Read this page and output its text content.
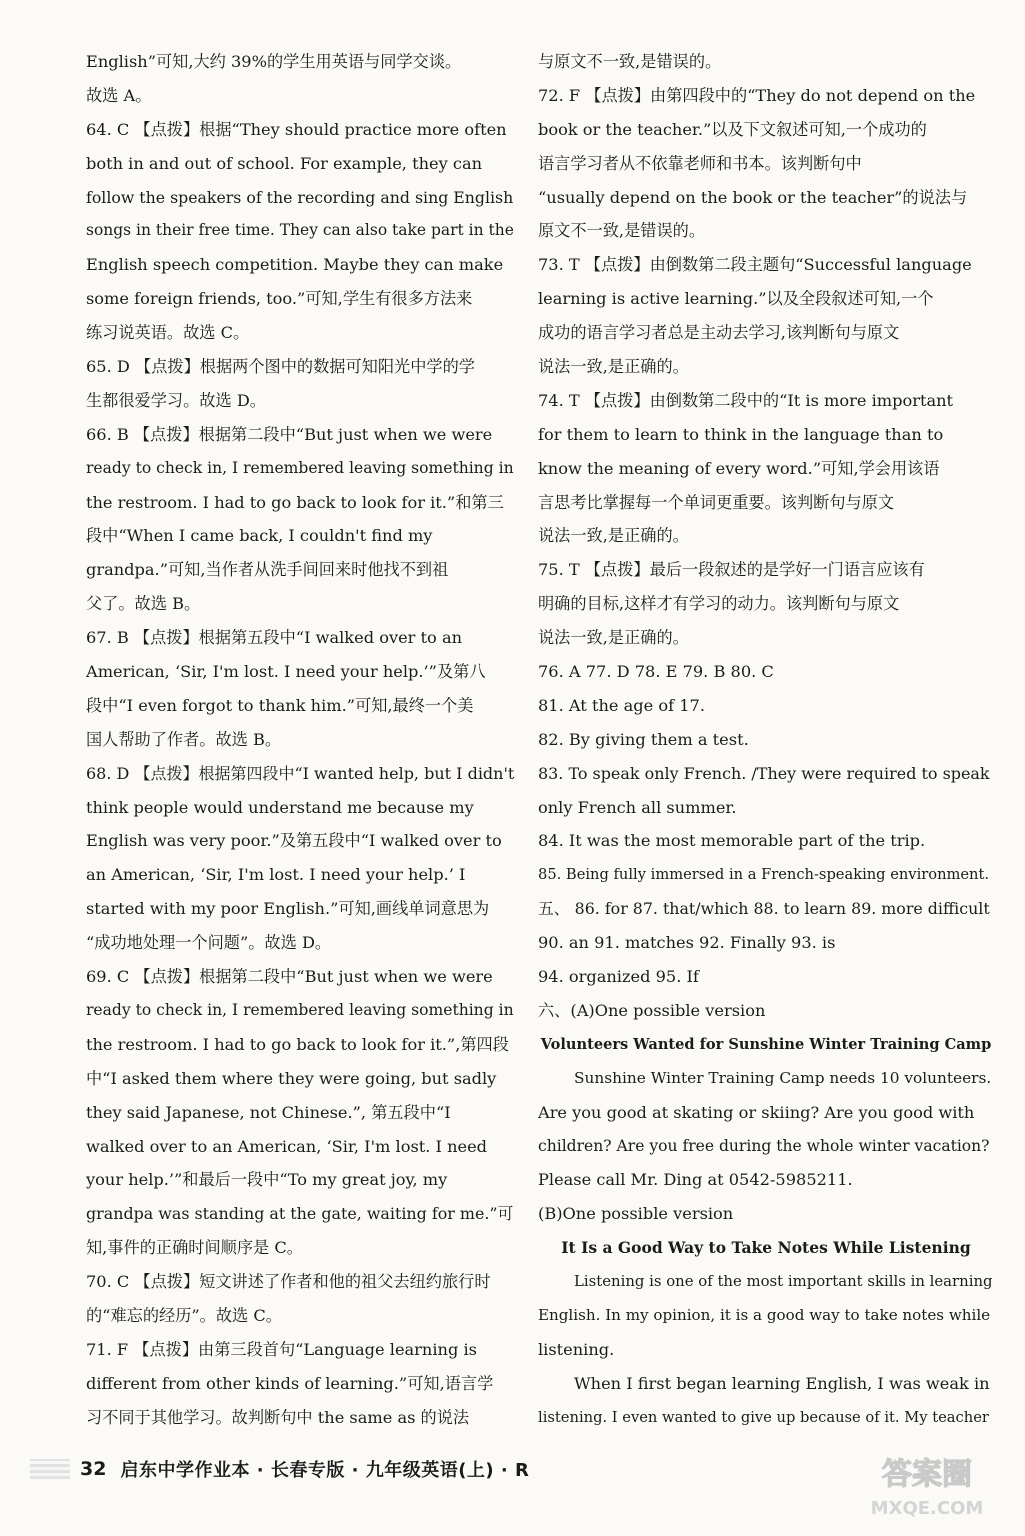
English”可知,大约 39%的学生用英语与同学交谈。
故选 A。
64. C 【点拨】根据“They should practice more often
both in and out of school. For example, they can
follow the speakers of the recording and sing English
songs in their free time. They can also take part in the
English speech competition. Maybe they can make
some foreign friends, too.”可知,学生有很多方法来
练习说英语。故选 C。
65. D 【点拨】根据两个图中的数据可知阳光中学的学
生都很爱学习。故选 D。
66. B 【点拨】根据第二段中“But just when we were
ready to check in, I remembered leaving something in
the restroom. I had to go back to look for it.”和第三
段中“When I came back, I couldn't find my
grandpa.”可知,当作者从洗手间回来时他找不到祖
父了。故选 B。
67. B 【点拨】根据第五段中“I walked over to an
American, ‘Sir, I'm lost. I need your help.’”及第八
段中“I even forgot to thank him.”可知,最终一个美
国人帮助了作者。故选 B。
68. D 【点拨】根据第四段中“I wanted help, but I didn't
think people would understand me because my
English was very poor.”及第五段中“I walked over to
an American, ‘Sir, I'm lost. I need your help.’ I
started with my poor English.”可知,画线单词意思为
“成功地处理一个问题”。故选 D。
69. C 【点拨】根据第二段中“But just when we were
ready to check in, I remembered leaving something in
the restroom. I had to go back to look for it.”,第四段
中“I asked them where they were going, but sadly
they said Japanese, not Chinese.”, 第五段中“I
walked over to an American, ‘Sir, I'm lost. I need
your help.’”和最后一段中“To my great joy, my
grandpa was standing at the gate, waiting for me.”可
知,事件的正确时间顺序是 C。
70. C 【点拨】短文讲述了作者和他的祖父去纽约旅行时
的“难忘的经历”。故选 C。
71. F 【点拨】由第三段首句“Language learning is
different from other kinds of learning.”可知,语言学
习不同于其他学习。故判断句中 the same as 的说法
与原文不一致,是错误的。
72. F 【点拨】由第四段中的“They do not depend on the
book or the teacher.”以及下文叙述可知,一个成功的
语言学习者从不依靠老师和书本。该判断句中
“usually depend on the book or the teacher”的说法与
原文不一致,是错误的。
73. T 【点拨】由倒数第二段主题句“Successful language
learning is active learning.”以及全段叙述可知,一个
成功的语言学习者总是主动去学习,该判断句与原文
说法一致,是正确的。
74. T 【点拨】由倒数第二段中的“It is more important
for them to learn to think in the language than to
know the meaning of every word.”可知,学会用该语
言思考比掌握每一个单词更重要。该判断句与原文
说法一致,是正确的。
75. T 【点拨】最后一段叙述的是学好一门语言应该有
明确的目标,这样才有学习的动力。该判断句与原文
说法一致,是正确的。
76. A 77. D 78. E 79. B 80. C
81. At the age of 17.
82. By giving them a test.
83. To speak only French. /They were required to speak
only French all summer.
84. It was the most memorable part of the trip.
85. Being fully immersed in a French-speaking environment.
五、 86. for 87. that/which 88. to learn 89. more difficult
90. an 91. matches 92. Finally 93. is
94. organized 95. If
六、(A)One possible version
Volunteers Wanted for Sunshine Winter Training Camp
Sunshine Winter Training Camp needs 10 volunteers.
Are you good at skating or skiing? Are you good with
children? Are you free during the whole winter vacation?
Please call Mr. Ding at 0542-5985211.
(B)One possible version
It Is a Good Way to Take Notes While Listening
Listening is one of the most important skills in learning
English. In my opinion, it is a good way to take notes while
listening.
When I first began learning English, I was weak in
listening. I even wanted to give up because of it. My teacher
32 启东中学作业本 · 长春专版 · 九年级英语(上) · R	答案圈
MXQE.COM
